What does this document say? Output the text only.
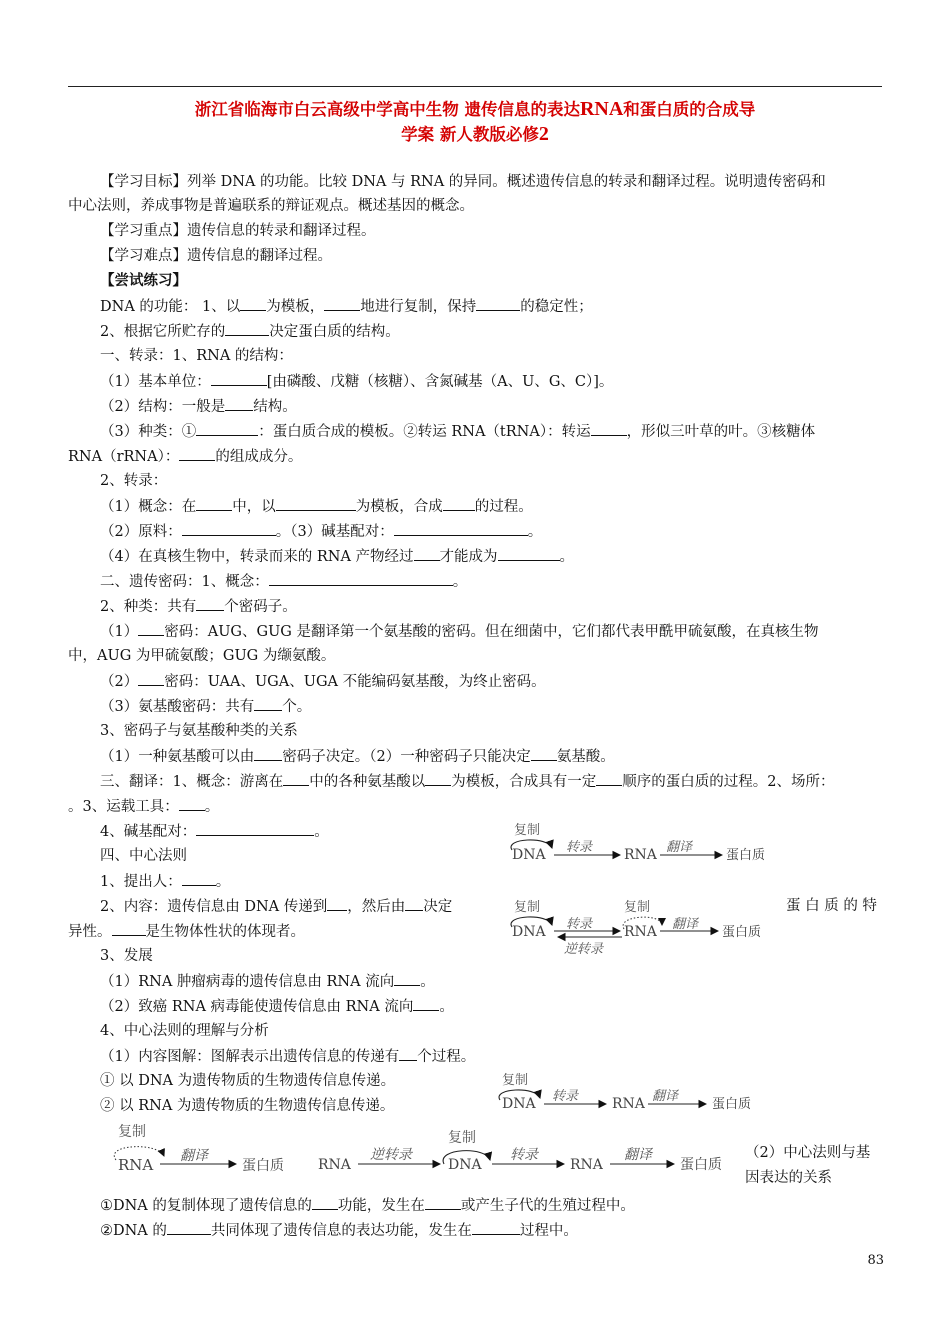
浙江省临海市白云高级中学高中生物 遗传信息的表达RNA和蛋白质的合成导
学案 新人教版必修2
【学习目标】列举 DNA 的功能。比较 DNA 与 RNA 的异同。概述遗传信息的转录和翻译过程。说明遗传密码和
中心法则，养成事物是普遍联系的辩证观点。概述基因的概念。
【学习重点】遗传信息的转录和翻译过程。
【学习难点】遗传信息的翻译过程。
【尝试练习】
DNA 的功能： 1、以 为模板， 地进行复制，保持	的稳定性；
2、根据它所贮存的	决定蛋白质的结构。
一、转录：1、RNA 的结构：
（1）基本单位：	[由磷酸、戊糖（核糖）、含氮碱基（A、U、G、C）]。
（2）结构：一般是 结构。
（3）种类：①	：蛋白质合成的模板。②转运 RNA（tRNA）：转运 ，形似三叶草的叶。③核糖体
RNA（rRNA）： 的组成成分。
2、转录：
（1）概念：在 中，以	为模板，合成 的过程。
（2）原料：	。（3）碱基配对：	。
（4）在真核生物中，转录而来的 RNA 产物经过 才能成为	。
二、遗传密码：1、概念：	。
2、种类：共有 个密码子。
（1） 密码：AUG、GUG 是翻译第一个氨基酸的密码。但在细菌中，它们都代表甲酰甲硫氨酸，在真核生物
中，AUG 为甲硫氨酸；GUG 为缬氨酸。
（2） 密码：UAA、UGA、UGA 不能编码氨基酸，为终止密码。
（3）氨基酸密码：共有 个。
3、密码子与氨基酸种类的关系
（1）一种氨基酸可以由 密码子决定。（2）一种密码子只能决定 氨基酸。
三、翻译：1、概念：游离在 中的各种氨基酸以 为模板，合成具有一定 顺序的蛋白质的过程。2、场所：
。3、运载工具： 。
4、碱基配对：	。
四、中心法则
1、提出人： 。
2、内容：遗传信息由 DNA 传递到 ，然后由 决定	蛋 白 质 的 特
异性。 是生物体性状的体现者。
3、发展
（1）RNA 肿瘤病毒的遗传信息由 RNA 流向 。
（2）致癌 RNA 病毒能使遗传信息由 RNA 流向 。
4、中心法则的理解与分析
（1）内容图解：图解表示出遗传信息的传递有 个过程。
① 以 DNA 为遗传物质的生物遗传信息传递。
② 以 RNA 为遗传物质的生物遗传信息传递。
（2）中心法则与基
因表达的关系
①DNA 的复制体现了遗传信息的 功能，发生在 或产生子代的生殖过程中。
②DNA 的	共同体现了遗传信息的表达功能，发生在	过程中。
复制
DNA 转录 RNA 翻译
蛋白质
复制
DNA 转录
逆转录
复制
RNA 翻译
蛋白质
复制
DNA 转录 RNA 翻译
蛋白质
复制
RNA 翻译
蛋白质 RNA
逆转录
复制
DNA
转录
RNA
翻译
蛋白质
83
